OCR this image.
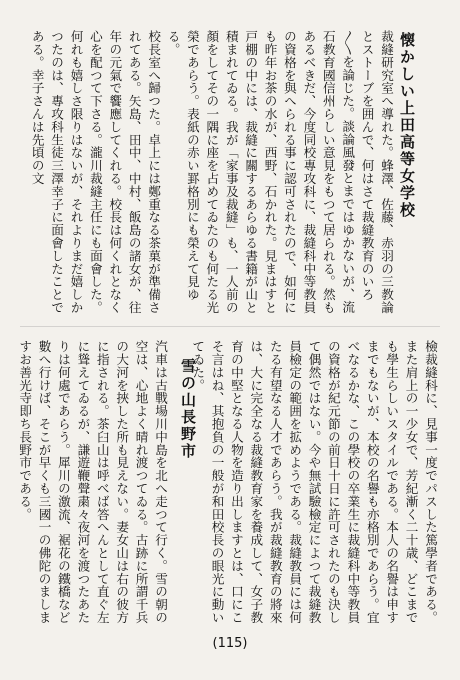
懐かしい上田高等女学校
裁縫研究室へ導れた。蜂澤、佐藤、赤羽の三教論とストーブを囲んで、何はさて裁縫教育のいろ〳〵を論じた。談論風發とまではゆかないが、流石教育國信州らしい意見をもつて居られる。然もあるべきだ、今度同校專攻科に、裁縫科中等教員の資格を與へられる事に認可されたので、如何にも昨年お茶の水が、西野、石かれた。見まはすと戸棚の中には、裁縫に關するあらゆる書籍が山と積まれてゐる。我が「家事及裁縫」も、一人前の顏をしてその一隅に座を占めてゐたのも何たる光榮であらう。表紙の赤い罫格別にも榮えて見ゆる。
校長室へ歸つた。卓上には鄭重なる茶菓が準備されてある。矢島、田中、中村、飯島の諸女が、往年の元氣で饗應してくれる。校長は何くれとなく心を配つて下さる。瀧川裁縫主任にも面會した。何れも嬉しさ限りはないが、それよりまだ嬉しかつたのは、專攻科生徒三澤幸子に面會したことである。幸子さんは先頃の文
檢裁縫科に、見事一度でパスした篤學者である。また肩上の一少女で、芳紀漸く二十歳、どこまでも學生らしいスタイルである。本人の名譽は申すまでもないが、本校の名譽も亦格別であらう。宜べなるかな、この學校の卒業生に裁縫科中等教員の資格が紀元節の前日十日に許可されたのも決して偶然ではない。今や無試驗檢定によつて裁縫教員檢定の範囲を拡めようである。裁縫教員には何たる有望なる人才であらう。我が裁縫教育の將來は、大に完全なる裁縫教育家を養成して、女子教育の中堅となる人物を造り出しますとは、口にこそ言はね、其抱負の一般が和田校長の眼光に動いてゐた。
雪の山長野市
汽車は古戰場川中島を北へ走つて行く。雪の朝の空は、心地よく晴れ渡つてゐる。古跡に所謂千兵の大河を挾した所も見えない。妻女山は右の彼方に指される。茶臼山は呼べば答へんとして直ぐ左に聳えてゐるが、謙遊鞭聲粛々夜河を渡つたあたりは何處であらう。犀川の激流、裾花の鐵橋など數へ行けば、そこが早くも三國一の佛陀のましますお善光寺即ち長野市である。
(115)
